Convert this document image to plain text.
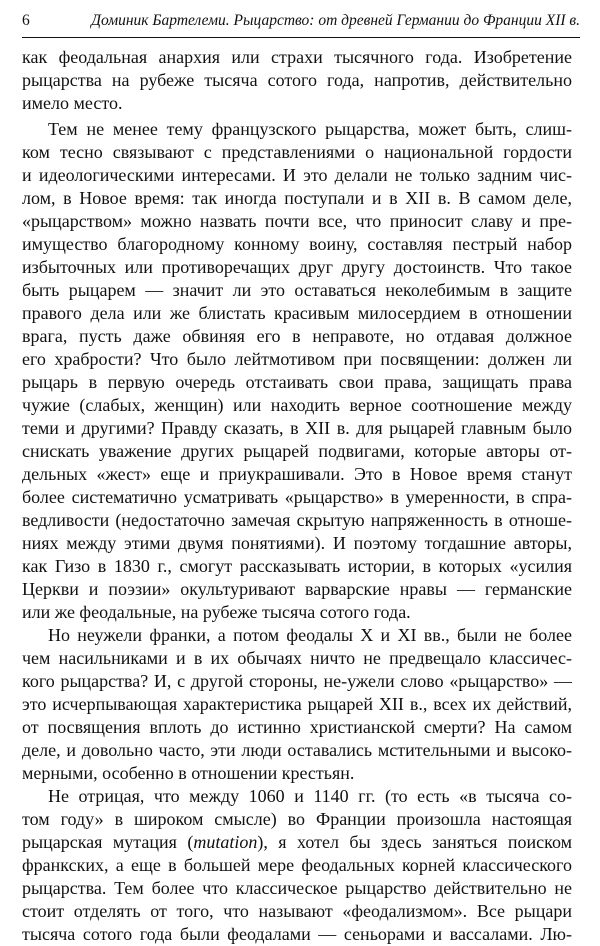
6	Доминик Бартелеми. Рыцарство: от древней Германии до Франции XII в.
как феодальная анархия или страхи тысячного года. Изобретение
рыцарства на рубеже тысяча сотого года, напротив, действительно
имело место.
Тем не менее тему французского рыцарства, может быть, слиш-
ком тесно связывают с представлениями о национальной гордости
и идеологическими интересами. И это делали не только задним чис-
лом, в Новое время: так иногда поступали и в XII в. В самом деле,
«рыцарством» можно назвать почти все, что приносит славу и пре-
имущество благородному конному воину, составляя пестрый набор
избыточных или противоречащих друг другу достоинств. Что такое
быть рыцарем — значит ли это оставаться неколебимым в защите
правого дела или же блистать красивым милосердием в отношении
врага, пусть даже обвиняя его в неправоте, но отдавая должное
его храбрости? Что было лейтмотивом при посвящении: должен ли
рыцарь в первую очередь отстаивать свои права, защищать права
чужие (слабых, женщин) или находить верное соотношение между
теми и другими? Правду сказать, в XII в. для рыцарей главным было
снискать уважение других рыцарей подвигами, которые авторы от-
дельных «жест» еще и приукрашивали. Это в Новое время станут
более систематично усматривать «рыцарство» в умеренности, в спра-
ведливости (недостаточно замечая скрытую напряженность в отноше-
ниях между этими двумя понятиями). И поэтому тогдашние авторы,
как Гизо в 1830 г., смогут рассказывать истории, в которых «усилия
Церкви и поэзии» окультуривают варварские нравы — германские
или же феодальные, на рубеже тысяча сотого года.
Но неужели франки, а потом феодалы X и XI вв., были не более
чем насильниками и в их обычаях ничто не предвещало классичес-
кого рыцарства? И, с другой стороны, не-ужели слово «рыцарство» —
это исчерпывающая характеристика рыцарей XII в., всех их действий,
от посвящения вплоть до истинно христианской смерти? На самом
деле, и довольно часто, эти люди оставались мстительными и высоко-
мерными, особенно в отношении крестьян.
Не отрицая, что между 1060 и 1140 гг. (то есть «в тысяча со-
том году» в широком смысле) во Франции произошла настоящая
рыцарская мутация (mutation), я хотел бы здесь заняться поиском
франкских, а еще в большей мере феодальных корней классического
рыцарства. Тем более что классическое рыцарство действительно не
стоит отделять от того, что называют «феодализмом». Все рыцари
тысяча сотого года были феодалами — сеньорами и вассалами. Лю-
